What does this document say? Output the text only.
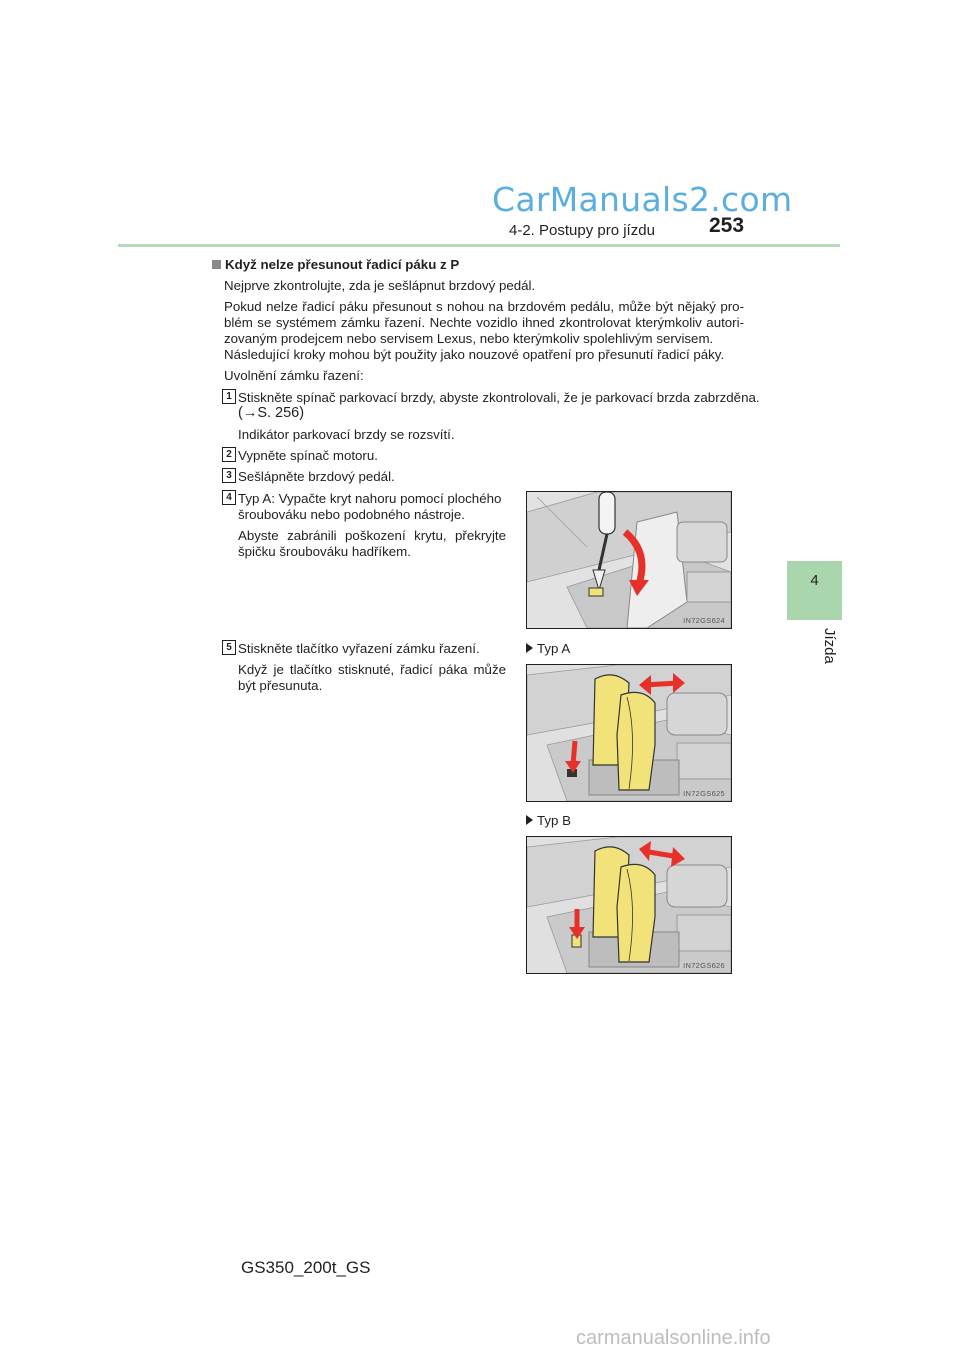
CarManuals2.com
4-2. Postupy pro jízdu	253
4
Jízda
Když nelze přesunout řadicí páku z P
Nejprve zkontrolujte, zda je sešlápnut brzdový pedál.
Pokud nelze řadicí páku přesunout s nohou na brzdovém pedálu, může být nějaký pro-
blém se systémem zámku řazení. Nechte vozidlo ihned zkontrolovat kterýmkoliv autori-
zovaným prodejcem nebo servisem Lexus, nebo kterýmkoliv spolehlivým servisem.
Následující kroky mohou být použity jako nouzové opatření pro přesunutí řadicí páky.
Uvolnění zámku řazení:
1 Stiskněte spínač parkovací brzdy, abyste zkontrolovali, že je parkovací brzda zabrzděna.
(→S. 256)
Indikátor parkovací brzdy se rozsvítí.
2 Vypněte spínač motoru.
3 Sešlápněte brzdový pedál.
4 Typ A: Vypačte kryt nahoru pomocí plochého
šroubováku nebo podobného nástroje.
Abyste zabránili poškození krytu, překryjte
špičku šroubováku hadříkem.
5 Stiskněte tlačítko vyřazení zámku řazení.
Když je tlačítko stisknuté, řadicí páka může
být přesunuta.
IN72GS624
Typ A
IN72GS625
Typ B
IN72GS626
GS350_200t_GS
carmanualsonline.info
